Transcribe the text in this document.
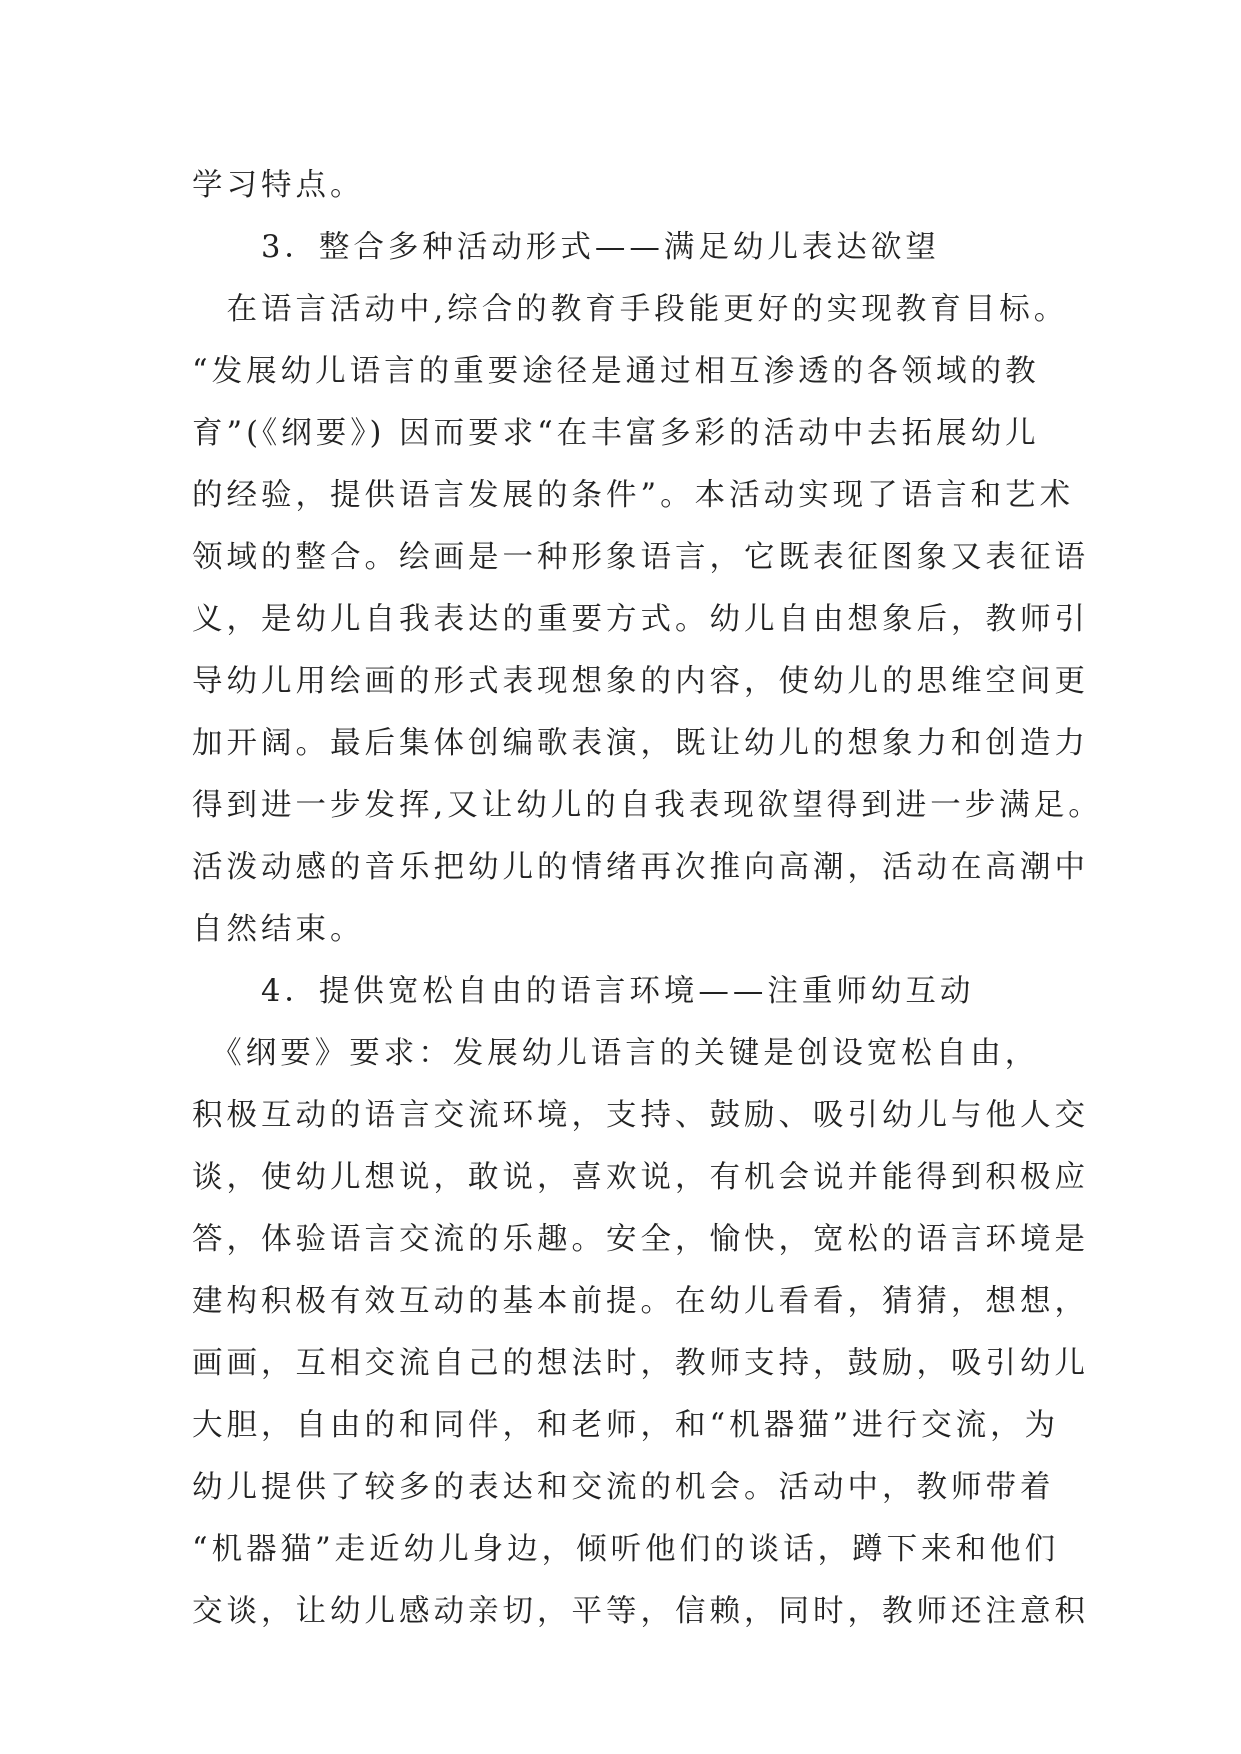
学习特点。
　　3．整合多种活动形式——满足幼儿表达欲望
　在语言活动中,综合的教育手段能更好的实现教育目标。
“发展幼儿语言的重要途径是通过相互渗透的各领域的教
育”(《纲要》) 因而要求“在丰富多彩的活动中去拓展幼儿
的经验，提供语言发展的条件”。本活动实现了语言和艺术
领域的整合。绘画是一种形象语言，它既表征图象又表征语
义，是幼儿自我表达的重要方式。幼儿自由想象后，教师引
导幼儿用绘画的形式表现想象的内容，使幼儿的思维空间更
加开阔。最后集体创编歌表演，既让幼儿的想象力和创造力
得到进一步发挥,又让幼儿的自我表现欲望得到进一步满足。
活泼动感的音乐把幼儿的情绪再次推向高潮，活动在高潮中
自然结束。
　　4．提供宽松自由的语言环境——注重师幼互动
　《纲要》要求：发展幼儿语言的关键是创设宽松自由，
积极互动的语言交流环境，支持、鼓励、吸引幼儿与他人交
谈，使幼儿想说，敢说，喜欢说，有机会说并能得到积极应
答，体验语言交流的乐趣。安全，愉快，宽松的语言环境是
建构积极有效互动的基本前提。在幼儿看看，猜猜，想想，
画画，互相交流自己的想法时，教师支持，鼓励，吸引幼儿
大胆，自由的和同伴，和老师，和“机器猫”进行交流，为
幼儿提供了较多的表达和交流的机会。活动中，教师带着
“机器猫”走近幼儿身边，倾听他们的谈话，蹲下来和他们
交谈，让幼儿感动亲切，平等，信赖，同时，教师还注意积
